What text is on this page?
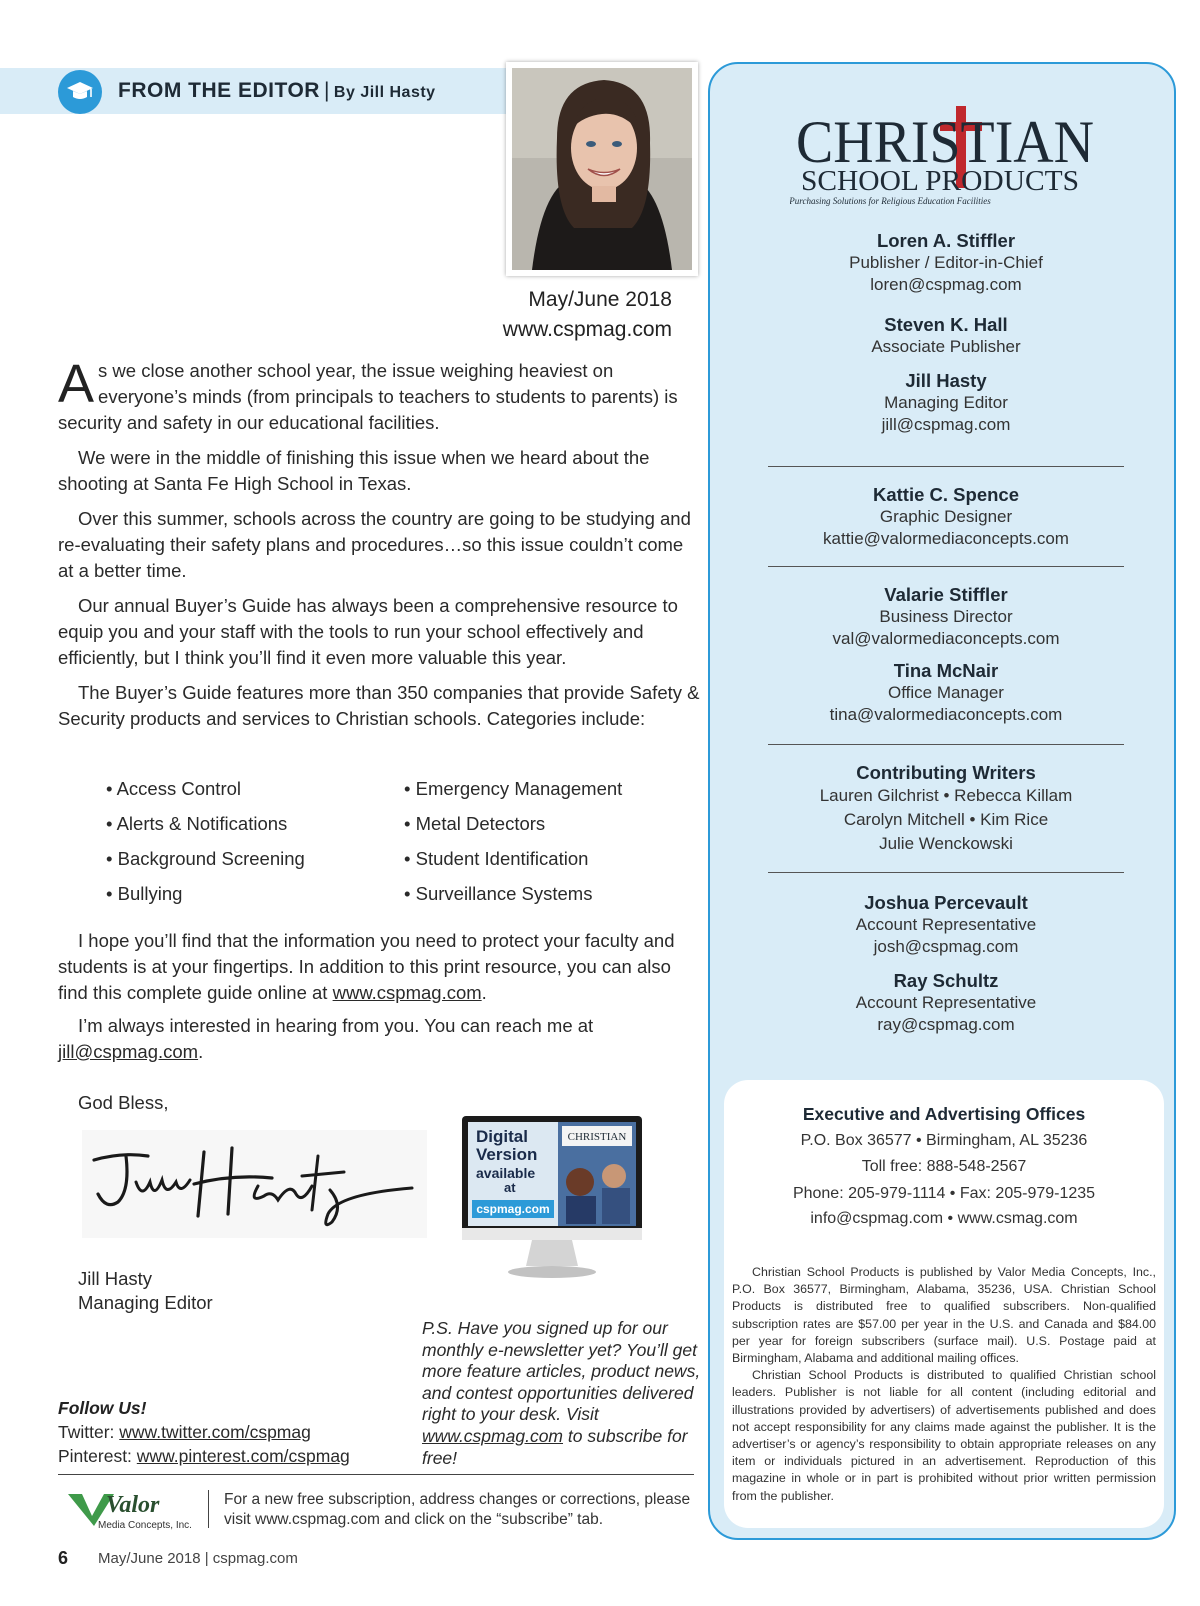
FROM THE EDITOR | By Jill Hasty
May/June 2018
www.cspmag.com

As we close another school year, the issue weighing heaviest on everyone’s minds (from principals to teachers to students to parents) is security and safety in our educational facilities.

We were in the middle of finishing this issue when we heard about the shooting at Santa Fe High School in Texas.

Over this summer, schools across the country are going to be studying and re-evaluating their safety plans and procedures…so this issue couldn’t come at a better time.

Our annual Buyer’s Guide has always been a comprehensive resource to equip you and your staff with the tools to run your school effectively and efficiently, but I think you’ll find it even more valuable this year.

The Buyer’s Guide features more than 350 companies that provide Safety & Security products and services to Christian schools. Categories include:

• Access Control
• Alerts & Notifications
• Background Screening
• Bullying
• Emergency Management
• Metal Detectors
• Student Identification
• Surveillance Systems

I hope you’ll find that the information you need to protect your faculty and students is at your fingertips. In addition to this print resource, you can also find this complete guide online at www.cspmag.com.

I’m always interested in hearing from you. You can reach me at

jill@cspmag.com.

God Bless,
Jill Hasty
Managing Editor
CHRISTIAN
Digital
Version
available
at
cspmag.com
P.S. Have you signed up for our monthly e-newsletter yet? You’ll get more feature articles, product news, and contest opportunities delivered right to your desk. Visit www.cspmag.com to subscribe for free!
Follow Us!
Twitter: www.twitter.com/cspmag
Pinterest: www.pinterest.com/cspmag
Valor
Media Concepts, Inc.
For a new free subscription, address changes or corrections, please visit www.cspmag.com and click on the “subscribe” tab.
6 May/June 2018 | cspmag.com
CHRISTIAN
SCHOOL PRODUCTS
Purchasing Solutions for Religious Education Facilities
Loren A. Stiffler
Publisher / Editor-in-Chief
loren@cspmag.com
Steven K. Hall
Associate Publisher
Jill Hasty
Managing Editor
jill@cspmag.com
Kattie C. Spence
Graphic Designer
kattie@valormediaconcepts.com
Valarie Stiffler
Business Director
val@valormediaconcepts.com
Tina McNair
Office Manager
tina@valormediaconcepts.com
Contributing Writers
Lauren Gilchrist • Rebecca Killam
Carolyn Mitchell • Kim Rice
Julie Wenckowski
Joshua Percevault
Account Representative
josh@cspmag.com
Ray Schultz
Account Representative
ray@cspmag.com
Executive and Advertising Offices
P.O. Box 36577 • Birmingham, AL 35236
Toll free: 888-548-2567
Phone: 205-979-1114 • Fax: 205-979-1235
info@cspmag.com • www.csmag.com

Christian School Products is published by Valor Media Concepts, Inc., P.O. Box 36577, Birmingham, Alabama, 35236, USA. Christian School Products is distributed free to qualified subscribers. Non-qualified subscription rates are $57.00 per year in the U.S. and Canada and $84.00 per year for foreign subscribers (surface mail). U.S. Postage paid at Birmingham, Alabama and additional mailing offices.

Christian School Products is distributed to qualified Christian school leaders. Publisher is not liable for all content (including editorial and illustrations provided by advertisers) of advertisements published and does not accept responsibility for any claims made against the publisher. It is the advertiser’s or agency’s responsibility to obtain appropriate releases on any item or individuals pictured in an advertisement. Reproduction of this magazine in whole or in part is prohibited without prior written permission from the publisher.
